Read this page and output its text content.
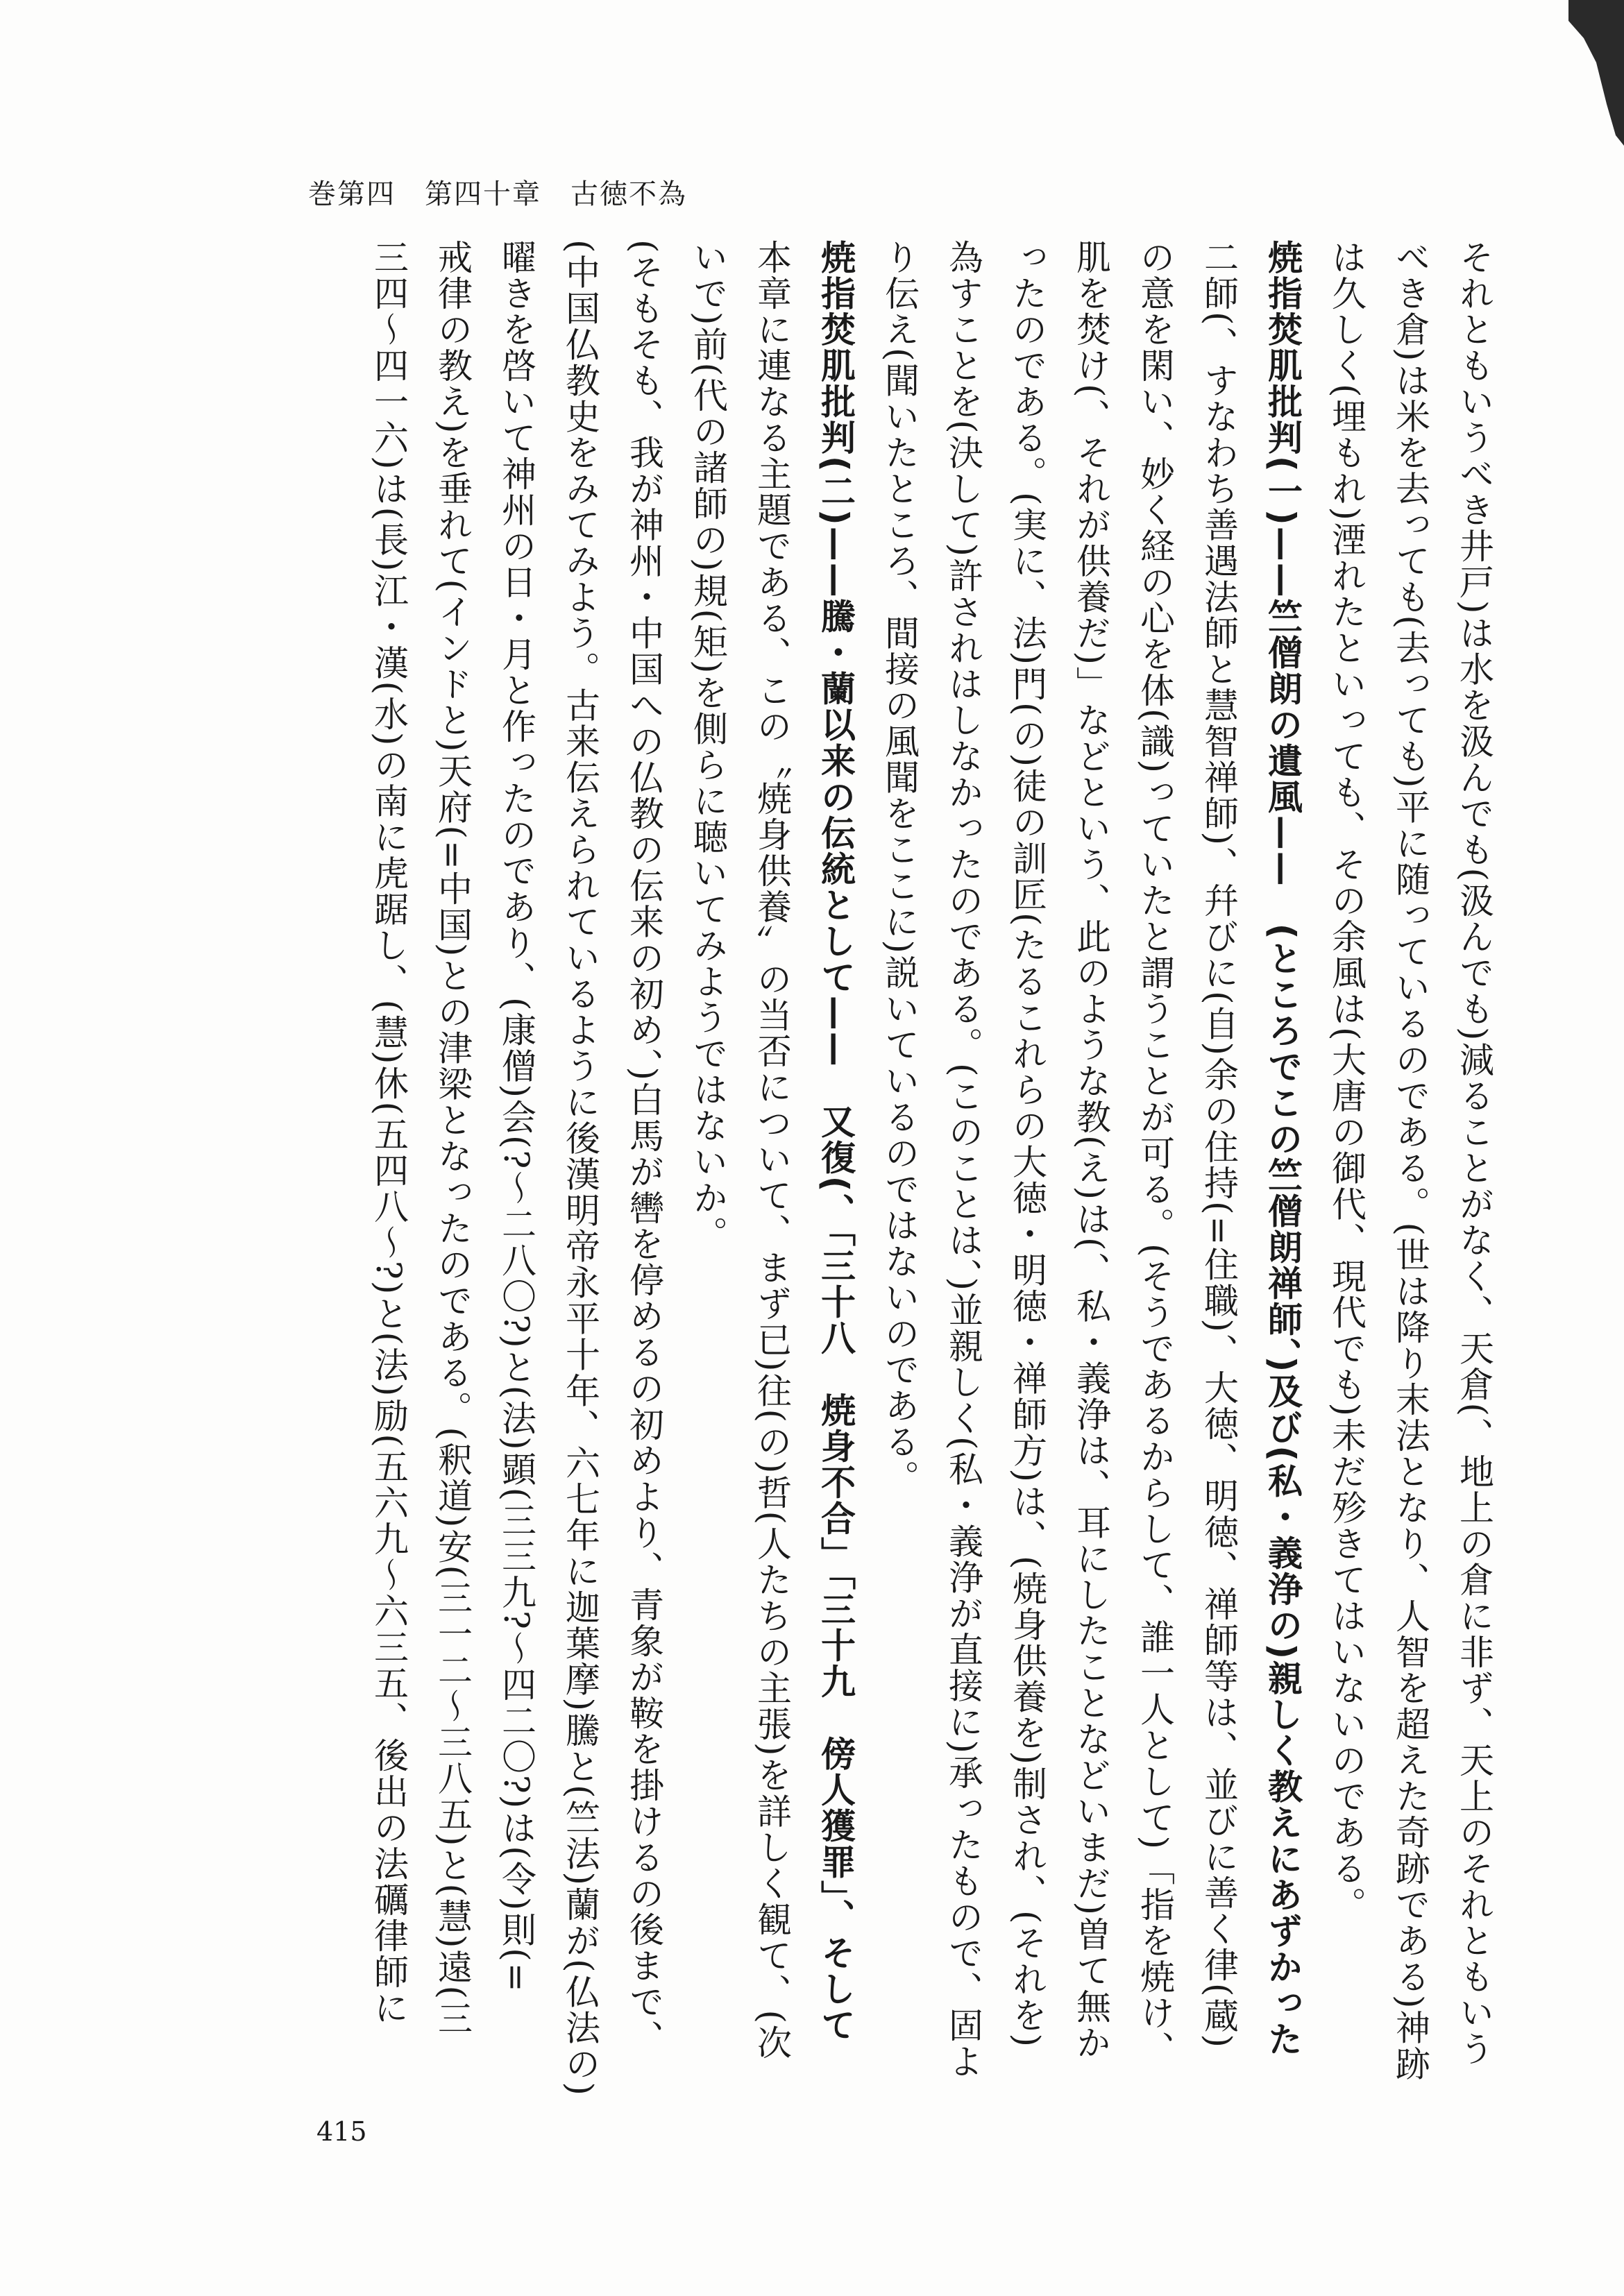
巻第四　第四十章　古徳不為
それともいうべき井戸)は水を汲んでも(汲んでも)減ることがなく、天倉(、地上の倉に非ず、天上のそれともいう
べき倉)は米を去っても(去っても)平に随っているのである。(世は降り末法となり、人智を超えた奇跡である)神跡
は久しく(埋もれ)湮れたといっても、その余風は(大唐の御代、現代でも)未だ殄きてはいないのである。
焼指焚肌批判(一)——竺僧朗の遺風——　(ところでこの竺僧朗禅師、)及び(私・義浄の)親しく教えにあずかった
二師(、すなわち善遇法師と慧智禅師)、幷びに(自)余の住持(=住職)、大徳、明徳、禅師等は、並びに善く律(蔵)
の意を閑い、妙く経の心を体(識)っていたと謂うことが可る。(そうであるからして、誰一人として)「指を焼け、
肌を焚け(、それが供養だ)」などという、此のような教(え)は(、私・義浄は、耳にしたことなどいまだ)曽て無か
ったのである。(実に、法)門(の)徒の訓匠(たるこれらの大徳・明徳・禅師方)は、(焼身供養を)制され、(それを)
為すことを(決して)許されはしなかったのである。(このことは、)並親しく(私・義浄が直接に)承ったもので、固よ
り伝え(聞いたところ、間接の風聞をここに)説いているのではないのである。
焼指焚肌批判(二)——騰・蘭以来の伝統として——　又復(、「三十八　焼身不合」「三十九　傍人獲罪」、そして
本章に連なる主題である、この〝焼身供養〟の当否について、まず已)往(の)哲(人たちの主張)を詳しく観て、(次
いで)前(代の諸師の)規(矩)を側らに聴いてみようではないか。
(そもそも、我が神州・中国への仏教の伝来の初め、)白馬が轡を停めるの初めより、青象が鞍を掛けるの後まで、
(中国仏教史をみてみよう。古来伝えられているように後漢明帝永平十年、六七年に迦葉摩)騰と(竺法)蘭が(仏法の)
曜きを啓いて神州の日・月と作ったのであり、(康僧)会(?～二八〇?)と(法)顕(三三九?～四二〇?)は(令)則(=
戒律の教え)を垂れて(インドと)天府(=中国)との津梁となったのである。(釈道)安(三一二～三八五)と(慧)遠(三
三四～四一六)は(長)江・漢(水)の南に虎踞し、(慧)休(五四八～?)と(法)励(五六九～六三五、後出の法礪律師に
415
